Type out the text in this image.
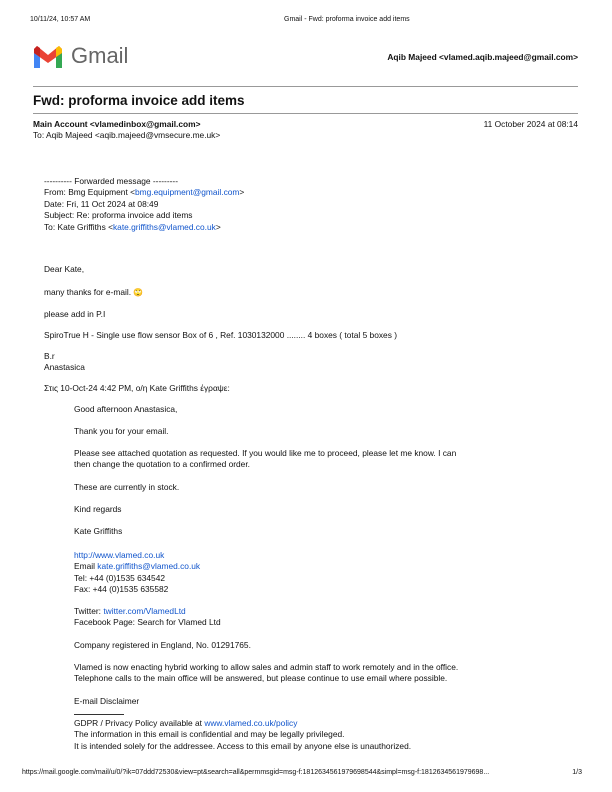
10/11/24, 10:57 AM	Gmail - Fwd: proforma invoice add items
Gmail	Aqib Majeed <vlamed.aqib.majeed@gmail.com>
Fwd: proforma invoice add items
Main Account <vlamedinbox@gmail.com>
To: Aqib Majeed <aqib.majeed@vmsecure.me.uk>
11 October 2024 at 08:14
---------- Forwarded message ---------
From: Bmg Equipment <bmg.equipment@gmail.com>
Date: Fri, 11 Oct 2024 at 08:49
Subject: Re: proforma invoice add items
To: Kate Griffiths <kate.griffiths@vlamed.co.uk>
Dear Kate,
many thanks for e-mail. 🙄
please add in P.I
SpiroTrue H - Single use flow sensor Box of 6 , Ref. 1030132000 ........ 4 boxes ( total 5 boxes )
B.r
Anastasica
Στις 10-Oct-24 4:42 PM, ο/η Kate Griffiths έγραψε:
Good afternoon Anastasica,
Thank you for your email.
Please see attached quotation as requested. If you would like me to proceed, please let me know. I can
then change the quotation to a confirmed order.
These are currently in stock.
Kind regards
Kate Griffiths
http://www.vlamed.co.uk
Email kate.griffiths@vlamed.co.uk
Tel: +44 (0)1535 634542
Fax: +44 (0)1535 635582
Twitter: twitter.com/VlamedLtd
Facebook Page: Search for Vlamed Ltd
Company registered in England, No. 01291765.
Vlamed is now enacting hybrid working to allow sales and admin staff to work remotely and in the office.
Telephone calls to the main office will be answered, but please continue to use email where possible.
E-mail Disclaimer
GDPR / Privacy Policy available at www.vlamed.co.uk/policy
The information in this email is confidential and may be legally privileged.
It is intended solely for the addressee. Access to this email by anyone else is unauthorized.
https://mail.google.com/mail/u/0/?ik=07ddd72530&view=pt&search=all&permmsgid=msg-f:1812634561979698544&simpl=msg-f:1812634561979698...	1/3
